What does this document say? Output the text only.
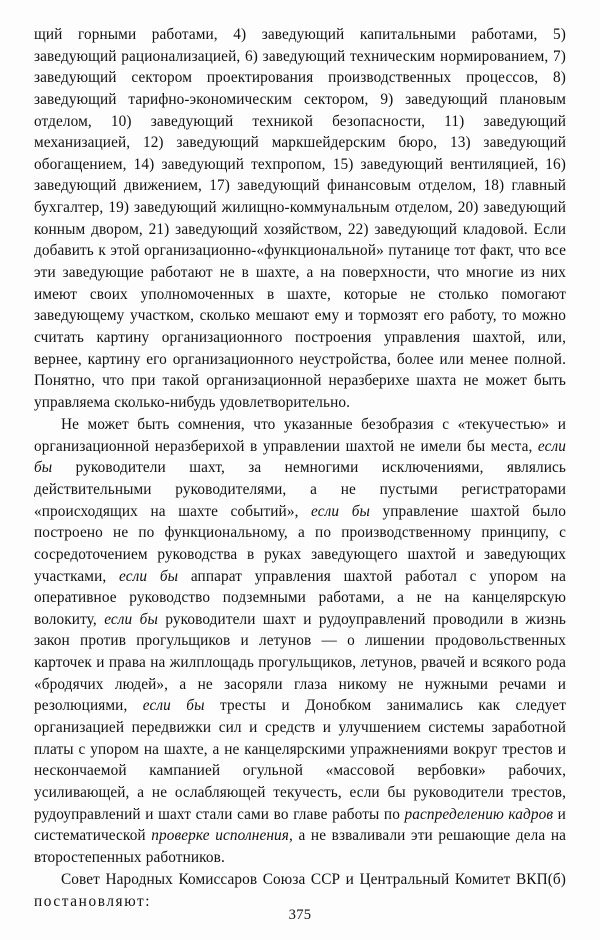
щий горными работами, 4) заведующий капитальными работами, 5) заведующий рационализацией, 6) заведующий техническим нормированием, 7) заведующий сектором проектирования производственных процессов, 8) заведующий тарифно-экономическим сектором, 9) заведующий плановым отделом, 10) заведующий техникой безопасности, 11) заведующий механизацией, 12) заведующий маркшейдерским бюро, 13) заведующий обогащением, 14) заведующий техпропом, 15) заведующий вентиляцией, 16) заведующий движением, 17) заведующий финансовым отделом, 18) главный бухгалтер, 19) заведующий жилищно-коммунальным отделом, 20) заведующий конным двором, 21) заведующий хозяйством, 22) заведующий кладовой. Если добавить к этой организационно-«функциональной» путанице тот факт, что все эти заведующие работают не в шахте, а на поверхности, что многие из них имеют своих уполномоченных в шахте, которые не столько помогают заведующему участком, сколько мешают ему и тормозят его работу, то можно считать картину организационного построения управления шахтой, или, вернее, картину его организационного неустройства, более или менее полной. Понятно, что при такой организационной неразберихе шахта не может быть управляема сколько-нибудь удовлетворительно.

Не может быть сомнения, что указанные безобразия с «текучестью» и организационной неразберихой в управлении шахтой не имели бы места, если бы руководители шахт, за немногими исключениями, являлись действительными руководителями, а не пустыми регистраторами «происходящих на шахте событий», если бы управление шахтой было построено не по функциональному, а по производственному принципу, с сосредоточением руководства в руках заведующего шахтой и заведующих участками, если бы аппарат управления шахтой работал с упором на оперативное руководство подземными работами, а не на канцелярскую волокиту, если бы руководители шахт и рудоуправлений проводили в жизнь закон против прогульщиков и летунов — о лишении продовольственных карточек и права на жилплощадь прогульщиков, летунов, рвачей и всякого рода «бродячих людей», а не засоряли глаза никому не нужными речами и резолюциями, если бы тресты и Донобком занимались как следует организацией передвижки сил и средств и улучшением системы заработной платы с упором на шахте, а не канцелярскими упражнениями вокруг трестов и нескончаемой кампанией огульной «массовой вербовки» рабочих, усиливающей, а не ослабляющей текучесть, если бы руководители трестов, рудоуправлений и шахт стали сами во главе работы по распределению кадров и систематической проверке исполнения, а не взваливали эти решающие дела на второстепенных работников.

Совет Народных Комиссаров Союза ССР и Центральный Комитет ВКП(б) постановляют:

375
